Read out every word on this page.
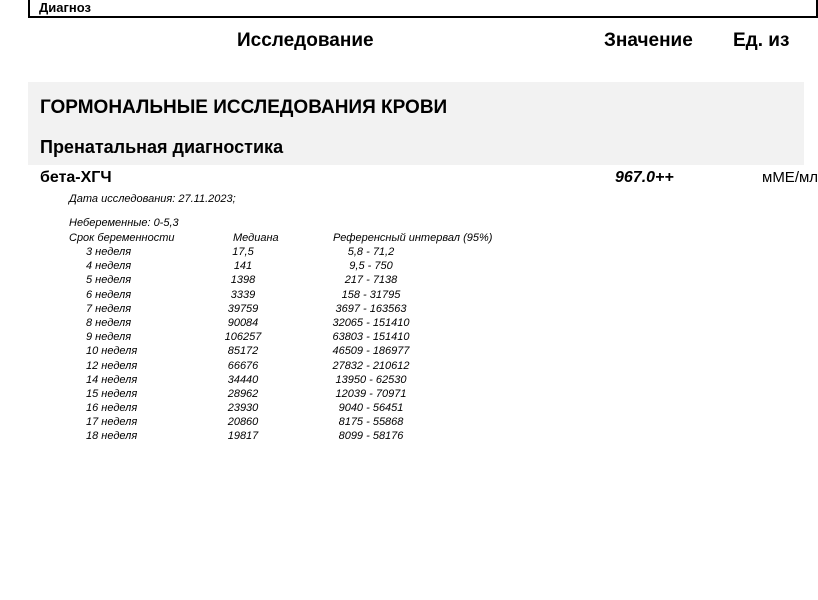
Диагноз
Исследование	Значение Ед. из
ГОРМОНАЛЬНЫЕ ИССЛЕДОВАНИЯ КРОВИ
Пренатальная диагностика
бета-ХГЧ	967.0++	мМЕ/мл
Дата исследования: 27.11.2023;
Небеременные: 0-5,3
Срок беременности	Медиана	Референсный интервал (95%)
3 неделя	17,5	5,8 - 71,2
4 неделя	141	9,5 - 750
5 неделя	1398	217 - 7138
6 неделя	3339	158 - 31795
7 неделя	39759	3697 - 163563
8 неделя	90084	32065 - 151410
9 неделя	106257	63803 - 151410
10 неделя	85172	46509 - 186977
12 неделя	66676	27832 - 210612
14 неделя	34440	13950 - 62530
15 неделя	28962	12039 - 70971
16 неделя	23930	9040 - 56451
17 неделя	20860	8175 - 55868
18 неделя	19817	8099 - 58176
